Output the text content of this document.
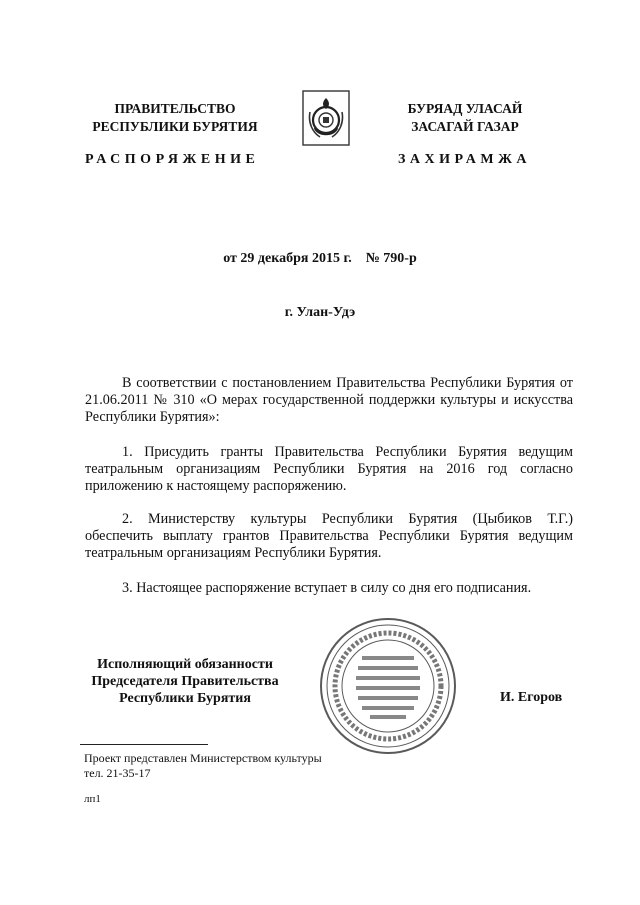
ПРАВИТЕЛЬСТВО
РЕСПУБЛИКИ БУРЯТИЯ
РАСПОРЯЖЕНИЕ
БУРЯАД УЛАСАЙ
ЗАСАГАЙ ГАЗАР
ЗАХИРАМЖА
от 29 декабря 2015 г. № 790-р
г. Улан-Удэ
В соответствии с постановлением Правительства Республики Бурятия от 21.06.2011 № 310 «О мерах государственной поддержки культуры и искусства Республики Бурятия»:
1. Присудить гранты Правительства Республики Бурятия ведущим театральным организациям Республики Бурятия на 2016 год согласно приложению к настоящему распоряжению.
2. Министерству культуры Республики Бурятия (Цыбиков Т.Г.) обеспечить выплату грантов Правительства Республики Бурятия ведущим театральным организациям Республики Бурятия.
3. Настоящее распоряжение вступает в силу со дня его подписания.
Исполняющий обязанности
Председателя Правительства
Республики Бурятия	И. Егоров
Проект представлен Министерством культуры
тел. 21-35-17
лп1
